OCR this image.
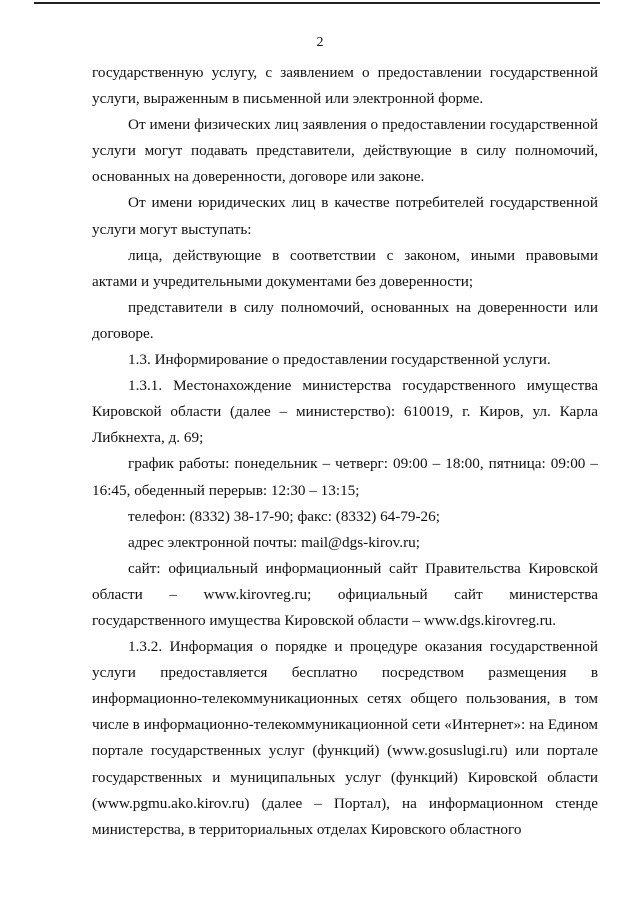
2

государственную услугу, с заявлением о предоставлении государственной услуги, выраженным в письменной или электронной форме.

От имени физических лиц заявления о предоставлении государственной услуги могут подавать представители, действующие в силу полномочий, основанных на доверенности, договоре или законе.

От имени юридических лиц в качестве потребителей государственной услуги могут выступать:

лица, действующие в соответствии с законом, иными правовыми актами и учредительными документами без доверенности;

представители в силу полномочий, основанных на доверенности или договоре.

1.3. Информирование о предоставлении государственной услуги.

1.3.1. Местонахождение министерства государственного имущества Кировской области (далее – министерство): 610019, г. Киров, ул. Карла Либкнехта, д. 69;

график работы: понедельник – четверг: 09:00 – 18:00, пятница: 09:00 – 16:45, обеденный перерыв: 12:30 – 13:15;

телефон: (8332) 38-17-90; факс: (8332) 64-79-26;

адрес электронной почты: mail@dgs-kirov.ru;

сайт: официальный информационный сайт Правительства Кировской области – www.kirovreg.ru; официальный сайт министерства государственного имущества Кировской области – www.dgs.kirovreg.ru.

1.3.2. Информация о порядке и процедуре оказания государственной услуги предоставляется бесплатно посредством размещения в информационно-телекоммуникационных сетях общего пользования, в том числе в информационно-телекоммуникационной сети «Интернет»: на Едином портале государственных услуг (функций) (www.gosuslugi.ru) или портале государственных и муниципальных услуг (функций) Кировской области (www.pgmu.ako.kirov.ru) (далее – Портал), на информационном стенде министерства, в территориальных отделах Кировского областного
